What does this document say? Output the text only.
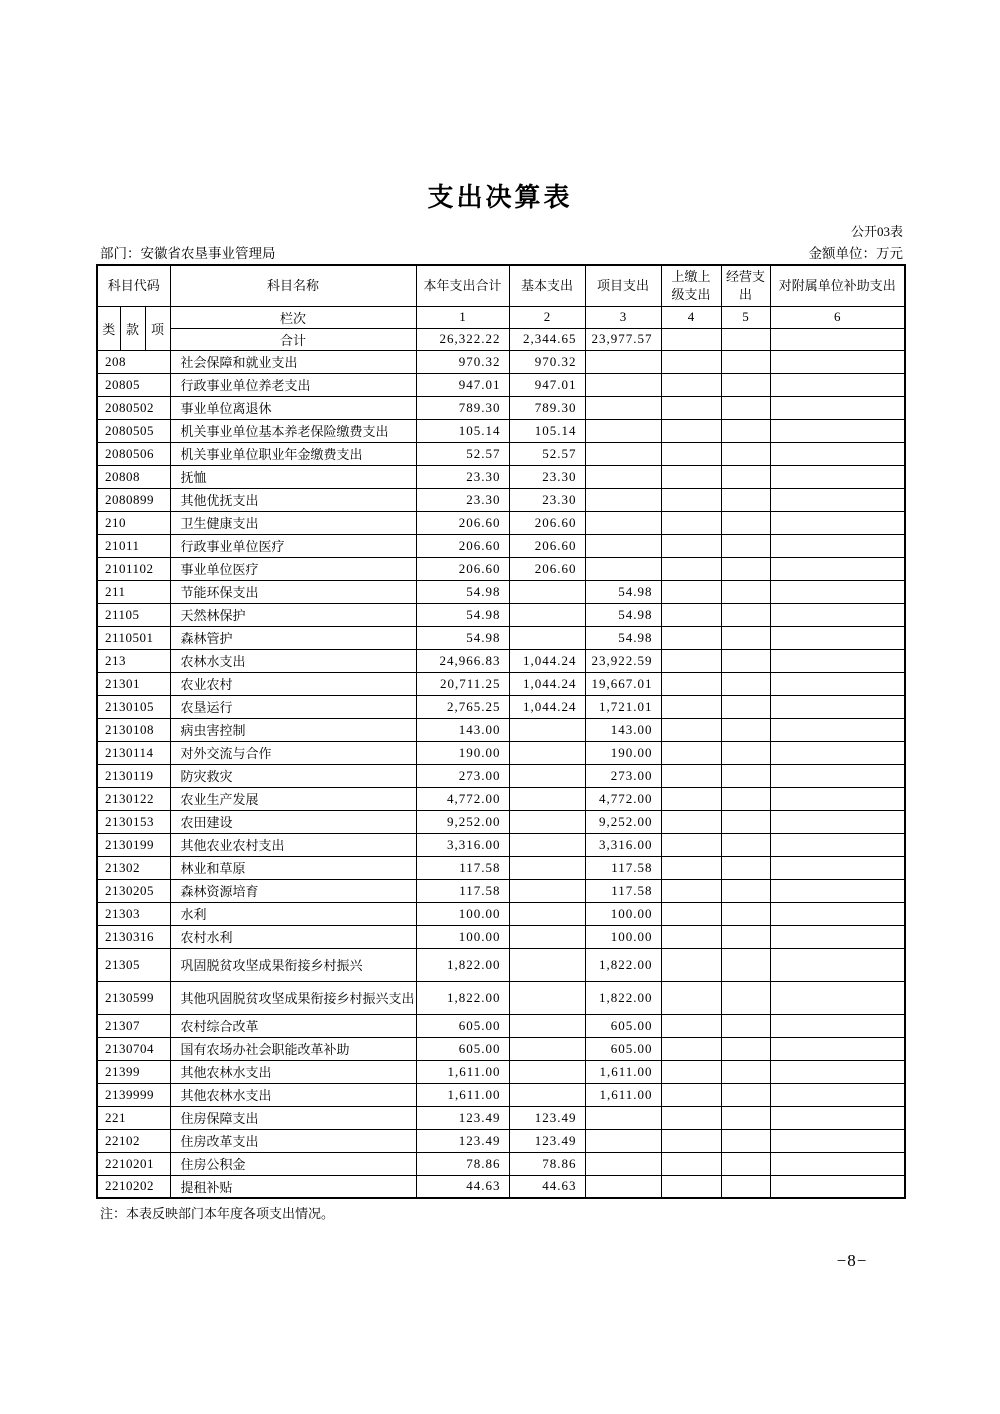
支出决算表
公开03表
部门：安徽省农垦事业管理局	金额单位：万元
科目代码			科目名称	本年支出合计	基本支出	项目支出	上缴上级支出	经营支出	对附属单位补助支出
类	款	项	栏次	1	2	3	4	5	6
			合计	26,322.22	2,344.65	23,977.57			
208			社会保障和就业支出	970.32	970.32				
20805			行政事业单位养老支出	947.01	947.01				
2080502			事业单位离退休	789.30	789.30				
2080505			机关事业单位基本养老保险缴费支出	105.14	105.14				
2080506			机关事业单位职业年金缴费支出	52.57	52.57				
20808			抚恤	23.30	23.30				
2080899			其他优抚支出	23.30	23.30				
210			卫生健康支出	206.60	206.60				
21011			行政事业单位医疗	206.60	206.60				
2101102			事业单位医疗	206.60	206.60				
211			节能环保支出	54.98		54.98			
21105			天然林保护	54.98		54.98			
2110501			森林管护	54.98		54.98			
213			农林水支出	24,966.83	1,044.24	23,922.59			
21301			农业农村	20,711.25	1,044.24	19,667.01			
2130105			农垦运行	2,765.25	1,044.24	1,721.01			
2130108			病虫害控制	143.00		143.00			
2130114			对外交流与合作	190.00		190.00			
2130119			防灾救灾	273.00		273.00			
2130122			农业生产发展	4,772.00		4,772.00			
2130153			农田建设	9,252.00		9,252.00			
2130199			其他农业农村支出	3,316.00		3,316.00			
21302			林业和草原	117.58		117.58			
2130205			森林资源培育	117.58		117.58			
21303			水利	100.00		100.00			
2130316			农村水利	100.00		100.00			
21305			巩固脱贫攻坚成果衔接乡村振兴	1,822.00		1,822.00			
2130599			其他巩固脱贫攻坚成果衔接乡村振兴支出	1,822.00		1,822.00			
21307			农村综合改革	605.00		605.00			
2130704			国有农场办社会职能改革补助	605.00		605.00			
21399			其他农林水支出	1,611.00		1,611.00			
2139999			其他农林水支出	1,611.00		1,611.00			
221			住房保障支出	123.49	123.49				
22102			住房改革支出	123.49	123.49				
2210201			住房公积金	78.86	78.86				
2210202			提租补贴	44.63	44.63				
注：本表反映部门本年度各项支出情况。
−8−
